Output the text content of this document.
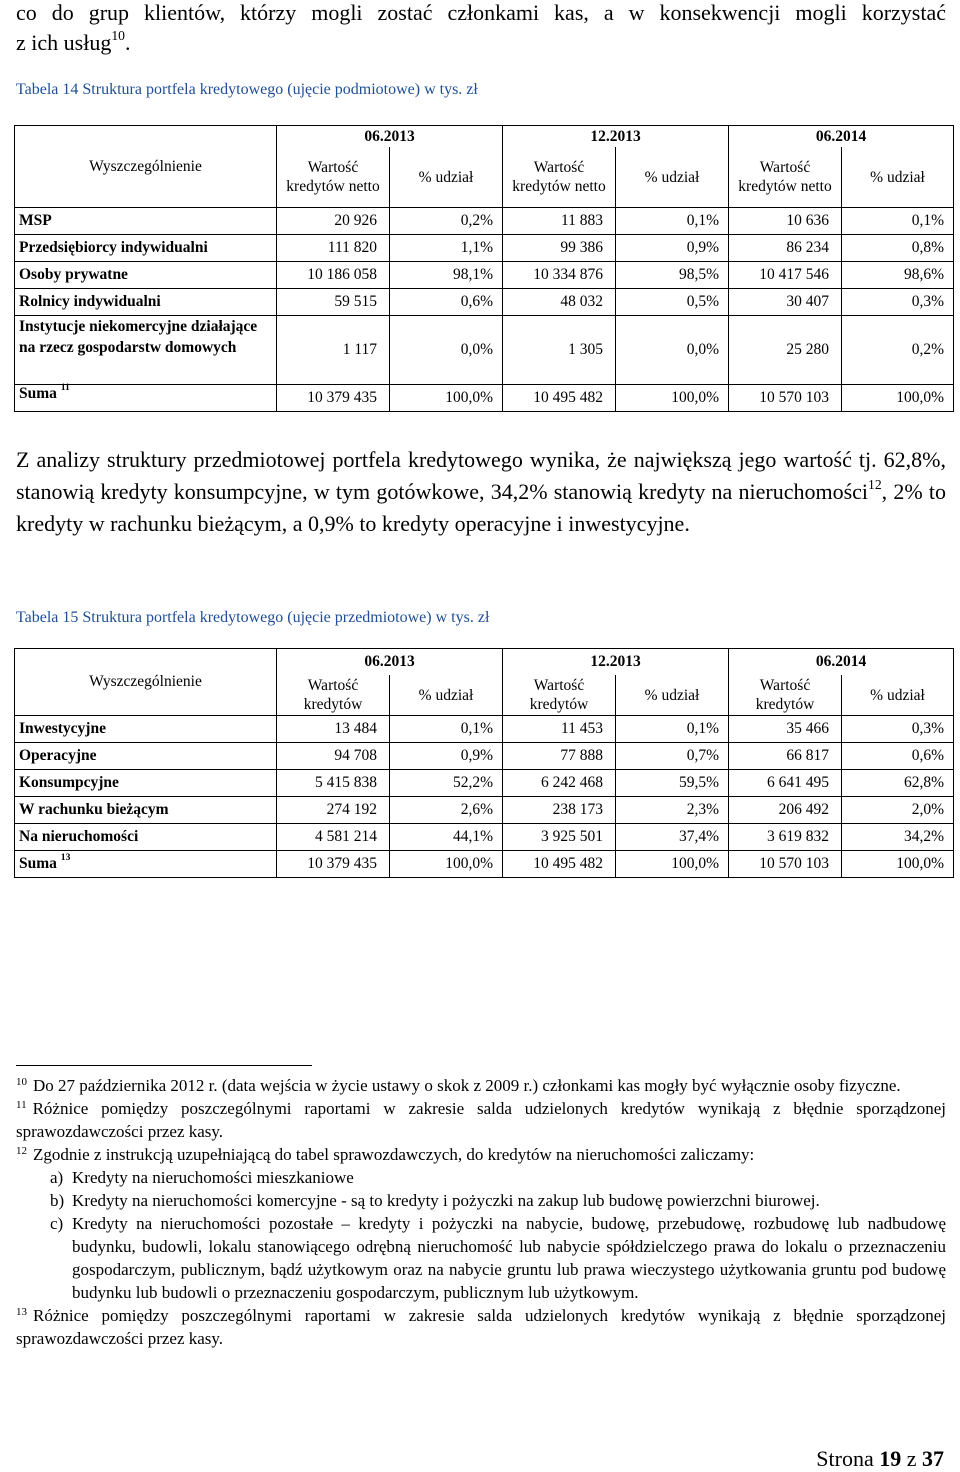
co do grup klientów, którzy mogli zostać członkami kas, a w konsekwencji mogli korzystać
z ich usług$^{10}$.
Tabela 14 Struktura portfela kredytowego (ujęcie podmiotowe) w tys. zł
Wyszczególnienie	06.2013		12.2013		06.2014	
	Wartość kredytów netto	% udział	Wartość kredytów netto	% udział	Wartość kredytów netto	% udział
MSP	20 926	0,2%	11 883	0,1%	10 636	0,1%
Przedsiębiorcy indywidualni	111 820	1,1%	99 386	0,9%	86 234	0,8%
Osoby prywatne	10 186 058	98,1%	10 334 876	98,5%	10 417 546	98,6%
Rolnicy indywidualni	59 515	0,6%	48 032	0,5%	30 407	0,3%
Instytucje niekomercyjne działające na rzecz gospodarstw domowych	1 117	0,0%	1 305	0,0%	25 280	0,2%
Suma $^{11}$	10 379 435	100,0%	10 495 482	100,0%	10 570 103	100,0%
Z analizy struktury przedmiotowej portfela kredytowego wynika, że największą jego wartość tj. 62,8%, stanowią kredyty konsumpcyjne, w tym gotówkowe, 34,2% stanowią kredyty na nieruchomości$^{12}$, 2% to kredyty w rachunku bieżącym, a 0,9% to kredyty operacyjne i inwestycyjne.
Tabela 15 Struktura portfela kredytowego (ujęcie przedmiotowe) w tys. zł
Wyszczególnienie	06.2013		12.2013		06.2014	
	Wartość kredytów	% udział	Wartość kredytów	% udział	Wartość kredytów	% udział
Inwestycyjne	13 484	0,1%	11 453	0,1%	35 466	0,3%
Operacyjne	94 708	0,9%	77 888	0,7%	66 817	0,6%
Konsumpcyjne	5 415 838	52,2%	6 242 468	59,5%	6 641 495	62,8%
W rachunku bieżącym	274 192	2,6%	238 173	2,3%	206 492	2,0%
Na nieruchomości	4 581 214	44,1%	3 925 501	37,4%	3 619 832	34,2%
Suma $^{13}$	10 379 435	100,0%	10 495 482	100,0%	10 570 103	100,0%
$^{10}$ Do 27 października 2012 r. (data wejścia w życie ustawy o skok z 2009 r.) członkami kas mogły być wyłącznie osoby fizyczne.
$^{11}$ Różnice pomiędzy poszczególnymi raportami w zakresie salda udzielonych kredytów wynikają z błędnie sporządzonej sprawozdawczości przez kasy.
$^{12}$ Zgodnie z instrukcją uzupełniającą do tabel sprawozdawczych, do kredytów na nieruchomości zaliczamy:
a) Kredyty na nieruchomości mieszkaniowe
b) Kredyty na nieruchomości komercyjne - są to kredyty i pożyczki na zakup lub budowę powierzchni biurowej.
c) Kredyty na nieruchomości pozostałe – kredyty i pożyczki na nabycie, budowę, przebudowę, rozbudowę lub nadbudowę budynku, budowli, lokalu stanowiącego odrębną nieruchomość lub nabycie spółdzielczego prawa do lokalu o przeznaczeniu gospodarczym, publicznym, bądź użytkowym oraz na nabycie gruntu lub prawa wieczystego użytkowania gruntu pod budowę budynku lub budowli o przeznaczeniu gospodarczym, publicznym lub użytkowym.
$^{13}$ Różnice pomiędzy poszczególnymi raportami w zakresie salda udzielonych kredytów wynikają z błędnie sporządzonej sprawozdawczości przez kasy.
Strona 19 z 37
